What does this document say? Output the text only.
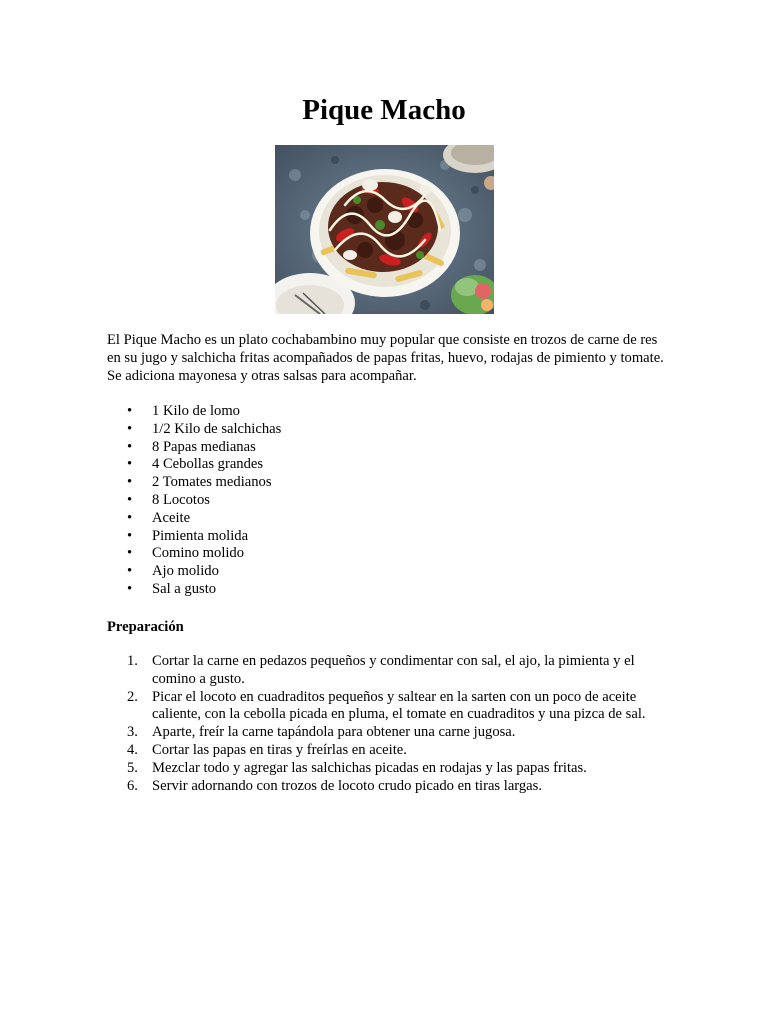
Pique Macho

El Pique Macho es un plato cochabambino muy popular que consiste en trozos de carne de res en su jugo y salchicha fritas acompañados de papas fritas, huevo, rodajas de pimiento y tomate. Se adiciona mayonesa y otras salsas para acompañar.

• 1 Kilo de lomo
• 1/2 Kilo de salchichas
• 8 Papas medianas
• 4 Cebollas grandes
• 2 Tomates medianos
• 8 Locotos
• Aceite
• Pimienta molida
• Comino molido
• Ajo molido
• Sal a gusto

Preparación

1. Cortar la carne en pedazos pequeños y condimentar con sal, el ajo, la pimienta y el comino a gusto.
2. Picar el locoto en cuadraditos pequeños y saltear en la sarten con un poco de aceite caliente, con la cebolla picada en pluma, el tomate en cuadraditos y una pizca de sal.
3. Aparte, freír la carne tapándola para obtener una carne jugosa.
4. Cortar las papas en tiras y freírlas en aceite.
5. Mezclar todo y agregar las salchichas picadas en rodajas y las papas fritas.
6. Servir adornando con trozos de locoto crudo picado en tiras largas.
